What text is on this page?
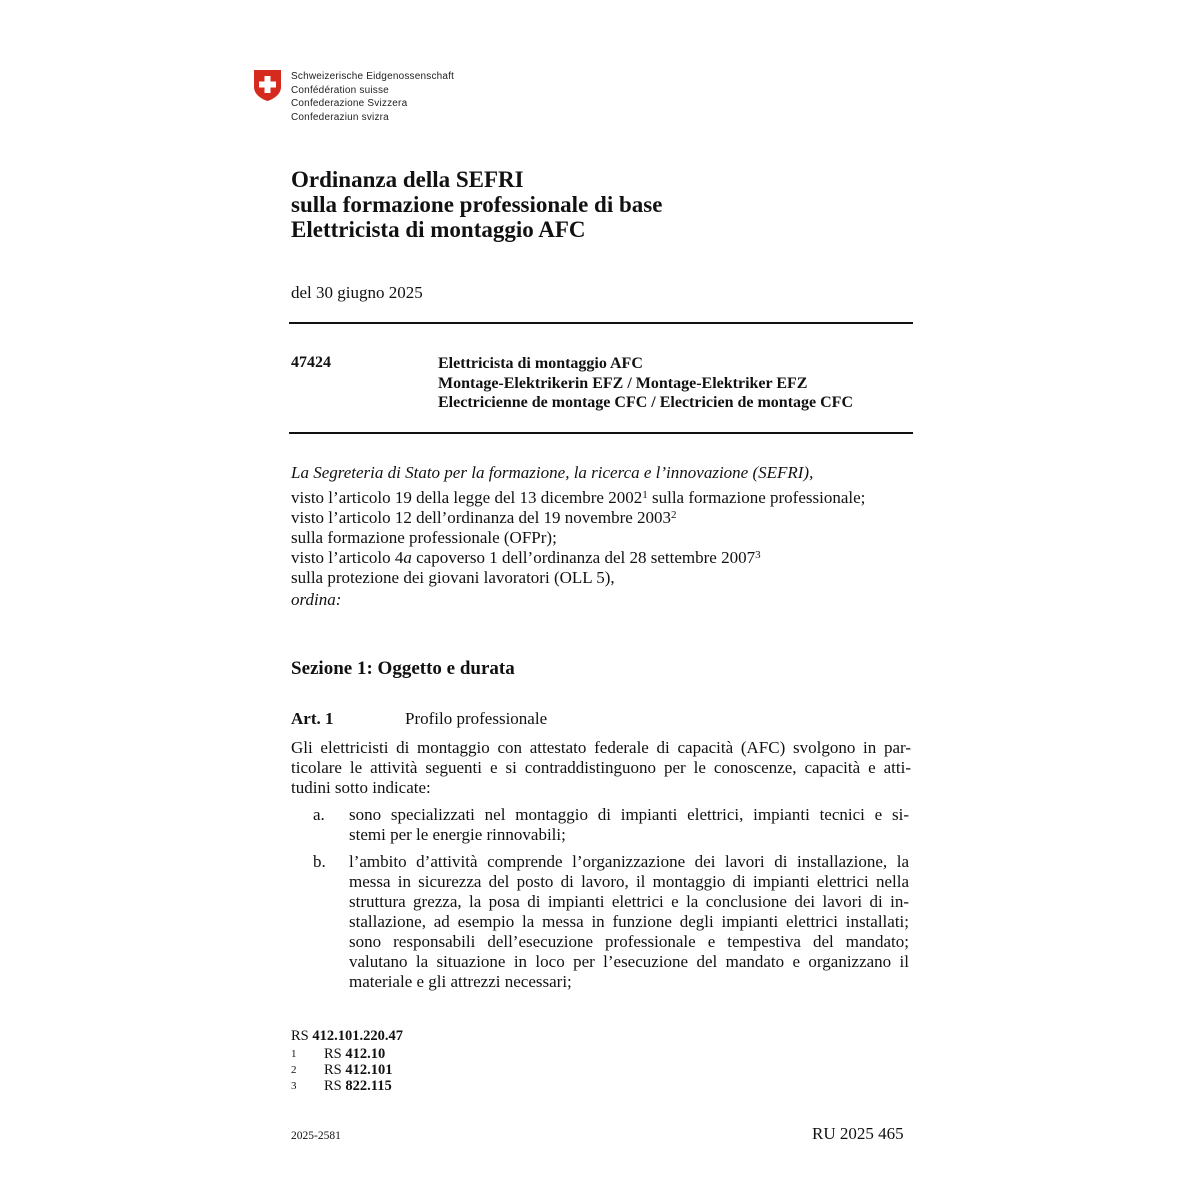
Schweizerische Eidgenossenschaft
Confédération suisse
Confederazione Svizzera
Confederaziun svizra
Ordinanza della SEFRI
sulla formazione professionale di base
Elettricista di montaggio AFC
del 30 giugno 2025
47424	Elettricista di montaggio AFC
Montage-Elektrikerin EFZ / Montage-Elektriker EFZ
Electricienne de montage CFC / Electricien de montage CFC
La Segreteria di Stato per la formazione, la ricerca e l’innovazione (SEFRI),
visto l’articolo 19 della legge del 13 dicembre 2002$^1$ sulla formazione professionale;
visto l’articolo 12 dell’ordinanza del 19 novembre 2003$^2$
sulla formazione professionale (OFPr);
visto l’articolo 4a capoverso 1 dell’ordinanza del 28 settembre 2007$^3$
sulla protezione dei giovani lavoratori (OLL 5),
ordina:
Sezione 1: Oggetto e durata
Art. 1	Profilo professionale
Gli elettricisti di montaggio con attestato federale di capacità (AFC) svolgono in par-
ticolare le attività seguenti e si contraddistinguono per le conoscenze, capacità e atti-
tudini sotto indicate:
a. sono specializzati nel montaggio di impianti elettrici, impianti tecnici e si-
stemi per le energie rinnovabili;
b. l’ambito d’attività comprende l’organizzazione dei lavori di installazione, la
messa in sicurezza del posto di lavoro, il montaggio di impianti elettrici nella
struttura grezza, la posa di impianti elettrici e la conclusione dei lavori di in-
stallazione, ad esempio la messa in funzione degli impianti elettrici installati;
sono responsabili dell’esecuzione professionale e tempestiva del mandato;
valutano la situazione in loco per l’esecuzione del mandato e organizzano il
materiale e gli attrezzi necessari;
RS 412.101.220.47
1 RS 412.10
2 RS 412.101
3 RS 822.115
2025-2581	RU 2025 465
